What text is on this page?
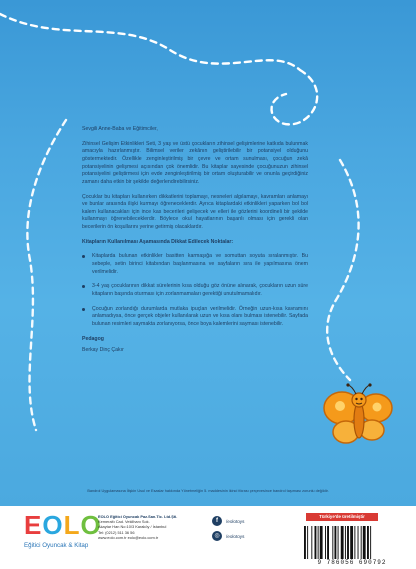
Sevgili Anne-Baba ve Eğitimciler,

Zihinsel Gelişim Etkinlikleri Seti, 3 yaş ve üstü çocukların zihinsel gelişimlerine katkıda bulunmak amacıyla hazırlanmıştır. Bilimsel veriler zekânın geliştirilebilir bir potansiyel olduğunu göstermektedir. Özellikle zenginleştirilmiş bir çevre ve ortam sunulması, çocuğun zekâ potansiyelinin gelişmesi açısından çok önemlidir. Bu kitaplar sayesinde çocuğunuzun zihinsel potansiyelini geliştirmesi için evde zenginleştirilmiş bir ortam oluşturabilir ve onunla geçirdiğiniz zamanı daha etkin bir şekilde değerlendirebilirsiniz.

Çocuklar bu kitapları kullanırken dikkatlerini toplamayı, nesneleri algılamayı, kavramları anlamayı ve bunlar arasında ilişki kurmayı öğreneceklerdir. Ayrıca kitaplardaki etkinlikleri yaparken bol bol kalem kullanacakları için ince kas becerileri gelişecek ve elleri ile gözlerini koordineli bir şekilde kullanmayı öğrenebileceklerdir. Böylece okul hayatlarının başarılı olması için gerekli olan becerilerin ön koşullarını yerine getirmiş olacaklardır.

Kitapların Kullanılması Aşamasında Dikkat Edilecek Noktalar:

Kitaplarda bulunan etkinlikler basitten karmaşığa ve somuttan soyuta sıralanmıştır. Bu sebeple, setin birinci kitabından başlanmasına ve sayfaların sıra ile yapılmasına önem verilmelidir.
3-4 yaş çocuklarının dikkat sürelerinin kısa olduğu göz önüne alınarak, çocukların uzun süre kitapların başında oturması için zorlanmamaları gerektiği unutulmamalıdır.
Çocuğun zorlandığı durumlarda mutlaka ipuçları verilmelidir. Örneğin uzun-kısa kavramını anlamadıysa, önce gerçek objeler kullanılarak uzun ve kısa olanı bulması istenebilir. Sayfada bulunan resimleri saymakta zorlanıyorsa, önce boya kalemlerini sayması istenebilir.
Pedagog
Berkay Dinç Çakır
Bandrol Uygulamasına İlişkin Usul ve Esaslar hakkında Yönetmeliğin 5. maddesinin ikinci fıkrası çerçevesince bandrol taşıması zorunlu değildir.
E O L O
Eğitici Oyuncak & Kitap
EOLO Eğitici Oyuncak Paz.San.Tic. Ltd.Şti.
Kemeraltı Cad. Vekilhanı Sok.
Akaytar Han No:10/3 Karaköy / İstanbul
Tel: (0212) 511 36 56
www.eolo.com.tr eolo@eolo.com.tr
f	/eolotoys
◎	/eolotoys
Türkiye'de üretilmiştir
9 786056 690792
